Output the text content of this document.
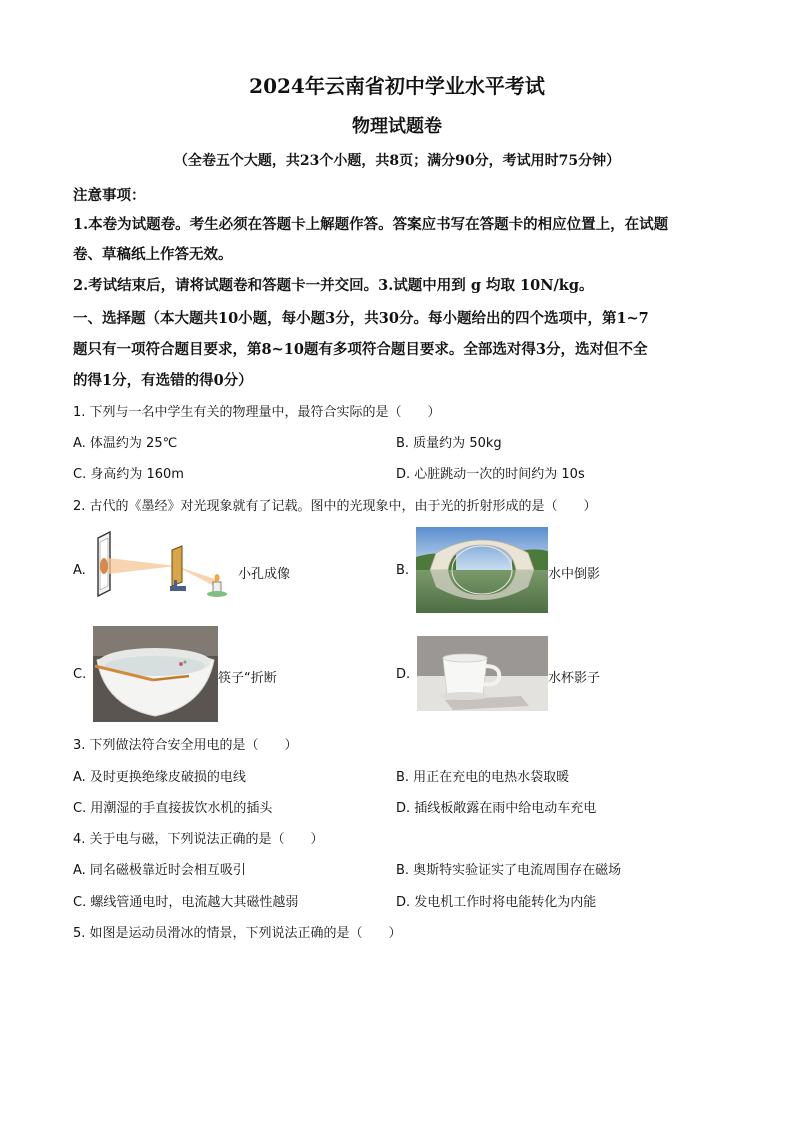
2024年云南省初中学业水平考试
物理试题卷
（全卷五个大题，共23个小题，共8页；满分90分，考试用时75分钟）
注意事项：
1.本卷为试题卷。考生必须在答题卡上解题作答。答案应书写在答题卡的相应位置上，在试题
卷、草稿纸上作答无效。
2.考试结束后，请将试题卷和答题卡一并交回。3.试题中用到 g 均取 10N/kg。
一、选择题（本大题共10小题，每小题3分，共30分。每小题给出的四个选项中，第1~7
题只有一项符合题目要求，第8~10题有多项符合题目要求。全部选对得3分，选对但不全
的得1分，有选错的得0分）
1. 下列与一名中学生有关的物理量中，最符合实际的是（　　）
A. 体温约为 25℃	B. 质量约为 50kg
C. 身高约为 160m	D. 心脏跳动一次的时间约为 10s
2. 古代的《墨经》对光现象就有了记载。图中的光现象中，由于光的折射形成的是（　　）
A.	小孔成像	B.	水中倒影
C.	筷子“折断	D.	水杯影子
3. 下列做法符合安全用电的是（　　）
A. 及时更换绝缘皮破损的电线	B. 用正在充电的电热水袋取暖
C. 用潮湿的手直接拔饮水机的插头	D. 插线板敞露在雨中给电动车充电
4. 关于电与磁，下列说法正确的是（　　）
A. 同名磁极靠近时会相互吸引	B. 奥斯特实验证实了电流周围存在磁场
C. 螺线管通电时，电流越大其磁性越弱	D. 发电机工作时将电能转化为内能
5. 如图是运动员滑冰的情景，下列说法正确的是（　　）
